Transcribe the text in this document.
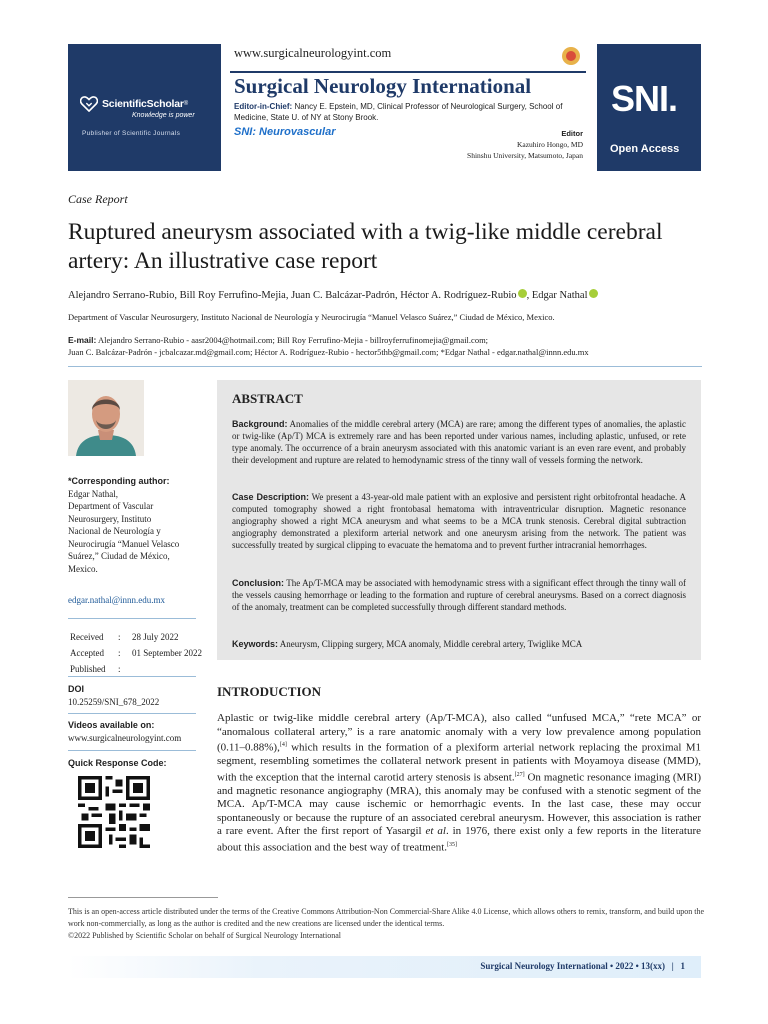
ScientificScholar ®
Knowledge is power
Publisher of Scientific Journals
www.surgicalneurologyint.com
Surgical Neurology International
Editor-in-Chief: Nancy E. Epstein, MD, Clinical Professor of Neurological Surgery, School of Medicine, State U. of NY at Stony Brook.
SNI: Neurovascular	Editor
Kazuhiro Hongo, MD
Shinshu University, Matsumoto, Japan
SNI.
Open Access
Case Report
Ruptured aneurysm associated with a twig-like middle cerebral artery: An illustrative case report
Alejandro Serrano-Rubio, Bill Roy Ferrufino-Mejia, Juan C. Balcázar-Padrón, Héctor A. Rodríguez-Rubio , Edgar Nathal
Department of Vascular Neurosurgery, Instituto Nacional de Neurología y Neurocirugía “Manuel Velasco Suárez,” Ciudad de México, Mexico.
E-mail: Alejandro Serrano-Rubio - aasr2004@hotmail.com; Bill Roy Ferrufino-Mejia - billroyferrufinomejia@gmail.com;
Juan C. Balcázar-Padrón - jcbalcazar.md@gmail.com; Héctor A. Rodríguez-Rubio - hector5thb@gmail.com; *Edgar Nathal - edgar.nathal@innn.edu.mx
*Corresponding author:
Edgar Nathal,
Department of Vascular
Neurosurgery, Instituto
Nacional de Neurología y
Neurocirugía “Manuel Velasco
Suárez,” Ciudad de México,
Mexico.
edgar.nathal@innn.edu.mx
Received	:	28 July 2022
Accepted	:	01 September 2022
Published	:	
DOI
10.25259/SNI_678_2022
Videos available on:
www.surgicalneurologyint.com
Quick Response Code:
ABSTRACT
Background: Anomalies of the middle cerebral artery (MCA) are rare; among the different types of anomalies, the aplastic or twig-like (Ap/T) MCA is extremely rare and has been reported under various names, including aplastic, unfused, or rete type anomaly. The occurrence of a brain aneurysm associated with this anatomic variant is an even rare event, and probably their development and rupture are related to hemodynamic stress of the tinny wall of vessels forming the network.
Case Description: We present a 43-year-old male patient with an explosive and persistent right orbitofrontal headache. A computed tomography showed a right frontobasal hematoma with intraventricular disruption. Magnetic resonance angiography showed a right MCA aneurysm and what seems to be a MCA trunk stenosis. Cerebral digital subtraction angiography demonstrated a plexiform arterial network and one aneurysm arising from the network. The patient was successfully treated by surgical clipping to evacuate the hematoma and to prevent further intracranial hemorrhages.
Conclusion: The Ap/T-MCA may be associated with hemodynamic stress with a significant effect through the tinny wall of the vessels causing hemorrhage or leading to the formation and rupture of cerebral aneurysms. Based on a correct diagnosis of the anomaly, treatment can be completed successfully through different standard methods.
Keywords: Aneurysm, Clipping surgery, MCA anomaly, Middle cerebral artery, Twiglike MCA
INTRODUCTION
Aplastic or twig-like middle cerebral artery (Ap/T-MCA), also called “unfused MCA,” “rete MCA” or “anomalous collateral artery,” is a rare anatomic anomaly with a very low prevalence among population (0.11–0.88%),[4] which results in the formation of a plexiform arterial network replacing the proximal M1 segment, resembling sometimes the collateral network present in patients with Moyamoya disease (MMD), with the exception that the internal carotid artery stenosis is absent.[27] On magnetic resonance imaging (MRI) and magnetic resonance angiography (MRA), this anomaly may be confused with a stenotic segment of the MCA. Ap/T-MCA may cause ischemic or hemorrhagic events. In the last case, these may occur spontaneously or because the rupture of an associated cerebral aneurysm. However, this association is rather a rare event. After the first report of Yasargil et al. in 1976, there exist only a few reports in the literature about this association and the best way of treatment.[35]
This is an open-access article distributed under the terms of the Creative Commons Attribution-Non Commercial-Share Alike 4.0 License, which allows others to remix, transform, and build upon the work non-commercially, as long as the author is credited and the new creations are licensed under the identical terms.
©2022 Published by Scientific Scholar on behalf of Surgical Neurology International
Surgical Neurology International • 2022 • 13(xx)   |   1
